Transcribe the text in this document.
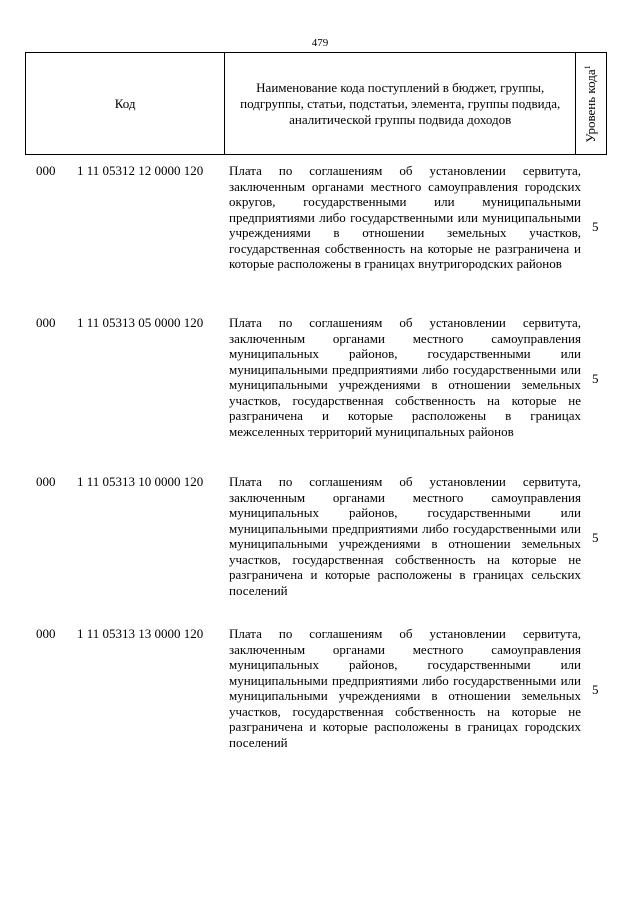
479
Код
Наименование кода поступлений в бюджет, группы, подгруппы, статьи, подстатьи, элемента, группы подвида, аналитической группы подвида доходов	Уровень кода$^1$
000 1 11 05312 12 0000 120 Плата по соглашениям об установлении сервитута, заключенным органами местного самоуправления городских округов, государственными или муниципальными предприятиями либо государственными или муниципальными учреждениями в отношении земельных участков, государственная собственность на которые не разграничена и которые расположены в границах внутригородских районов
5
000 1 11 05313 05 0000 120 Плата по соглашениям об установлении сервитута, заключенным органами местного самоуправления муниципальных районов, государственными или муниципальными предприятиями либо государственными или муниципальными учреждениями в отношении земельных участков, государственная собственность на которые не разграничена и которые расположены в границах межселенных территорий муниципальных районов
5
000 1 11 05313 10 0000 120 Плата по соглашениям об установлении сервитута, заключенным органами местного самоуправления муниципальных районов, государственными или муниципальными предприятиями либо государственными или муниципальными учреждениями в отношении земельных участков, государственная собственность на которые не разграничена и которые расположены в границах сельских поселений
5
000 1 11 05313 13 0000 120 Плата по соглашениям об установлении сервитута, заключенным органами местного самоуправления муниципальных районов, государственными или муниципальными предприятиями либо государственными или муниципальными учреждениями в отношении земельных участков, государственная собственность на которые не разграничена и которые расположены в границах городских поселений
5
